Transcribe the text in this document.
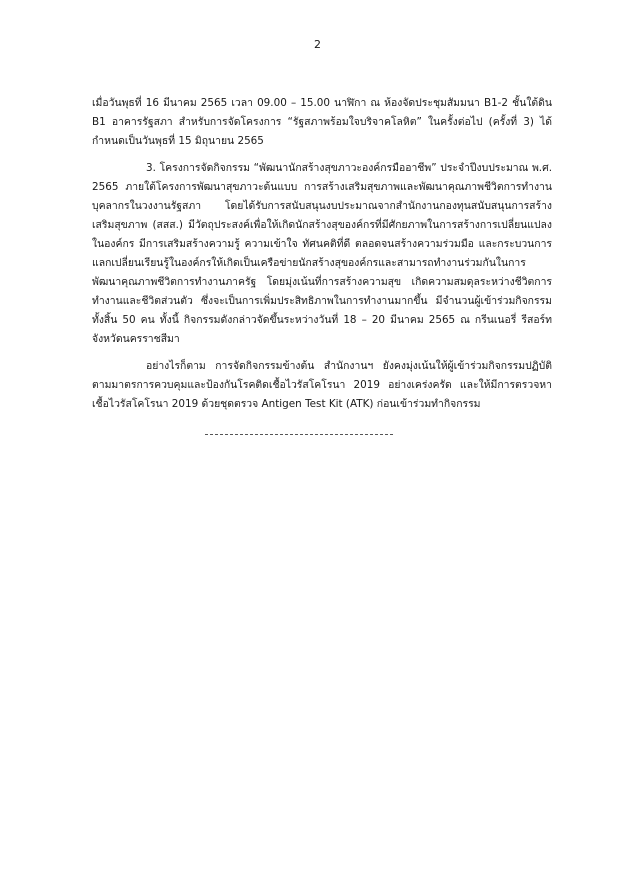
2

เมื่อวันพุธที่ 16 มีนาคม 2565 เวลา 09.00 – 15.00 นาฬิกา ณ ห้องจัดประชุมสัมมนา B1-2 ชั้นใต้ดิน B1 อาคารรัฐสภา สำหรับการจัดโครงการ “รัฐสภาพร้อมใจบริจาคโลหิต” ในครั้งต่อไป (ครั้งที่ 3) ได้กำหนดเป็นวันพุธที่ 15 มิถุนายน 2565

3. โครงการจัดกิจกรรม “พัฒนานักสร้างสุขภาวะองค์กรมืออาชีพ” ประจำปีงบประมาณ พ.ศ. 2565 ภายใต้โครงการพัฒนาสุขภาวะต้นแบบ การสร้างเสริมสุขภาพและพัฒนาคุณภาพชีวิตการทำงานบุคลากรในวงงานรัฐสภา โดยได้รับการสนับสนุนงบประมาณจากสำนักงานกองทุนสนับสนุนการสร้างเสริมสุขภาพ (สสส.) มีวัตถุประสงค์เพื่อให้เกิดนักสร้างสุของค์กรที่มีศักยภาพในการสร้างการเปลี่ยนแปลงในองค์กร มีการเสริมสร้างความรู้ ความเข้าใจ ทัศนคติที่ดี ตลอดจนสร้างความร่วมมือ และกระบวนการแลกเปลี่ยนเรียนรู้ในองค์กรให้เกิดเป็นเครือข่ายนักสร้างสุของค์กรและสามารถทำงานร่วมกันในการพัฒนาคุณภาพชีวิตการทำงานภาครัฐ โดยมุ่งเน้นที่การสร้างความสุข เกิดความสมดุลระหว่างชีวิตการทำงานและชีวิตส่วนตัว ซึ่งจะเป็นการเพิ่มประสิทธิภาพในการทำงานมากขึ้น มีจำนวนผู้เข้าร่วมกิจกรรมทั้งสิ้น 50 คน ทั้งนี้ กิจกรรมดังกล่าวจัดขึ้นระหว่างวันที่ 18 – 20 มีนาคม 2565 ณ กรีนเนอรี่ รีสอร์ท จังหวัดนครราชสีมา

อย่างไรก็ตาม การจัดกิจกรรมข้างต้น สำนักงานฯ ยังคงมุ่งเน้นให้ผู้เข้าร่วมกิจกรรมปฏิบัติตามมาตรการควบคุมและป้องกันโรคติดเชื้อไวรัสโคโรนา 2019 อย่างเคร่งครัด และให้มีการตรวจหาเชื้อไวรัสโคโรนา 2019 ด้วยชุดตรวจ Antigen Test Kit (ATK) ก่อนเข้าร่วมทำกิจกรรม
